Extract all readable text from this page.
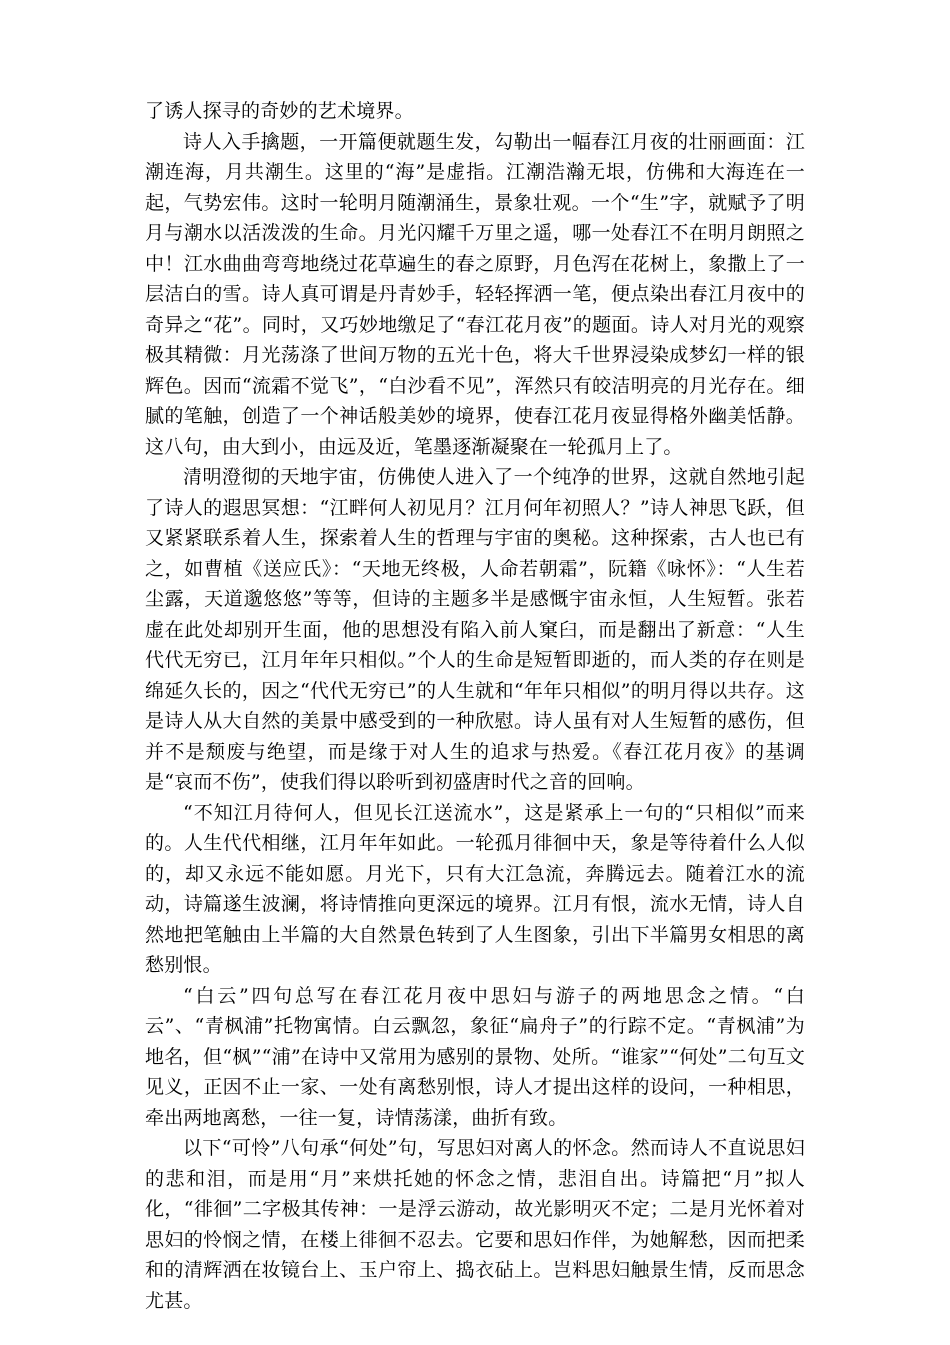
了诱人探寻的奇妙的艺术境界。

诗人入手擒题，一开篇便就题生发，勾勒出一幅春江月夜的壮丽画面：江潮连海，月共潮生。这里的“海”是虚指。江潮浩瀚无垠，仿佛和大海连在一起，气势宏伟。这时一轮明月随潮涌生，景象壮观。一个“生”字，就赋予了明月与潮水以活泼泼的生命。月光闪耀千万里之遥，哪一处春江不在明月朗照之中！江水曲曲弯弯地绕过花草遍生的春之原野，月色泻在花树上，象撒上了一层洁白的雪。诗人真可谓是丹青妙手，轻轻挥洒一笔，便点染出春江月夜中的奇异之“花”。同时，又巧妙地缴足了“春江花月夜”的题面。诗人对月光的观察极其精微：月光荡涤了世间万物的五光十色，将大千世界浸染成梦幻一样的银辉色。因而“流霜不觉飞”，“白沙看不见”，浑然只有皎洁明亮的月光存在。细腻的笔触，创造了一个神话般美妙的境界，使春江花月夜显得格外幽美恬静。这八句，由大到小，由远及近，笔墨逐渐凝聚在一轮孤月上了。

清明澄彻的天地宇宙，仿佛使人进入了一个纯净的世界，这就自然地引起了诗人的遐思冥想：“江畔何人初见月？江月何年初照人？”诗人神思飞跃，但又紧紧联系着人生，探索着人生的哲理与宇宙的奥秘。这种探索，古人也已有之，如曹植《送应氏》：“天地无终极，人命若朝霜”，阮籍《咏怀》：“人生若尘露，天道邈悠悠”等等，但诗的主题多半是感慨宇宙永恒，人生短暂。张若虚在此处却别开生面，他的思想没有陷入前人窠臼，而是翻出了新意：“人生代代无穷已，江月年年只相似。”个人的生命是短暂即逝的，而人类的存在则是绵延久长的，因之“代代无穷已”的人生就和“年年只相似”的明月得以共存。这是诗人从大自然的美景中感受到的一种欣慰。诗人虽有对人生短暂的感伤，但并不是颓废与绝望，而是缘于对人生的追求与热爱。《春江花月夜》的基调是“哀而不伤”，使我们得以聆听到初盛唐时代之音的回响。

“不知江月待何人，但见长江送流水”，这是紧承上一句的“只相似”而来的。人生代代相继，江月年年如此。一轮孤月徘徊中天，象是等待着什么人似的，却又永远不能如愿。月光下，只有大江急流，奔腾远去。随着江水的流动，诗篇遂生波澜，将诗情推向更深远的境界。江月有恨，流水无情，诗人自然地把笔触由上半篇的大自然景色转到了人生图象，引出下半篇男女相思的离愁别恨。

“白云”四句总写在春江花月夜中思妇与游子的两地思念之情。“白云”、“青枫浦”托物寓情。白云飘忽，象征“扁舟子”的行踪不定。“青枫浦”为地名，但“枫”“浦”在诗中又常用为感别的景物、处所。“谁家”“何处”二句互文见义，正因不止一家、一处有离愁别恨，诗人才提出这样的设问，一种相思，牵出两地离愁，一往一复，诗情荡漾，曲折有致。

以下“可怜”八句承“何处”句，写思妇对离人的怀念。然而诗人不直说思妇的悲和泪，而是用“月”来烘托她的怀念之情，悲泪自出。诗篇把“月”拟人化，“徘徊”二字极其传神：一是浮云游动，故光影明灭不定；二是月光怀着对思妇的怜悯之情，在楼上徘徊不忍去。它要和思妇作伴，为她解愁，因而把柔和的清辉洒在妆镜台上、玉户帘上、捣衣砧上。岂料思妇触景生情，反而思念尤甚。
